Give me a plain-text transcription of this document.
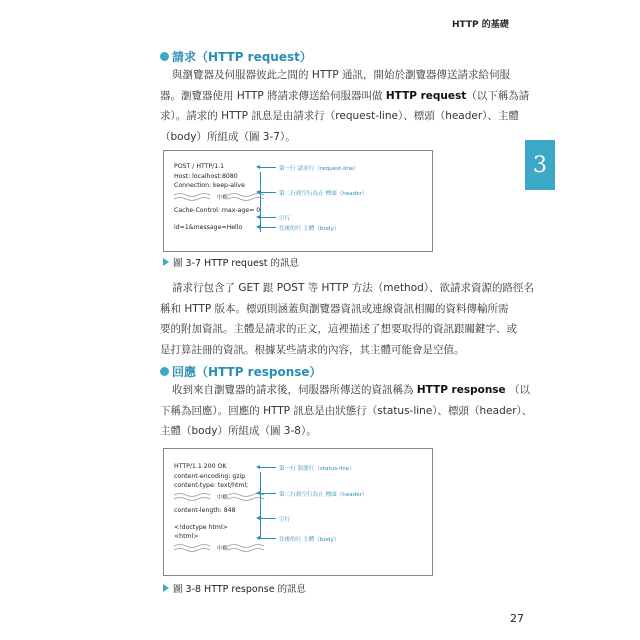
HTTP 的基礎
3
請求（HTTP request）
與瀏覽器及伺服器彼此之間的 HTTP 通訊，開始於瀏覽器傳送請求給伺服
器。瀏覽器使用 HTTP 將請求傳送給伺服器叫做 HTTP request（以下稱為請
求）。請求的 HTTP 訊息是由請求行（request-line）、標頭（header）、主體
（body）所組成（圖 3-7）。
POST / HTTP/1.1
Host: localhost:8080
Connection: keep-alive
中略
Cache-Control: max-age= 0
id=1&message=Hello
第一行 請求行（request-line）
第二行到空行為止 標頭（header）
空行
往後的行 主體（body）
圖 3-7 HTTP request 的訊息
請求行包含了 GET 跟 POST 等 HTTP 方法（method）、欲請求資源的路徑名
稱和 HTTP 版本。標頭則涵蓋與瀏覽器資訊或連線資訊相關的資料傳輸所需
要的附加資訊。主體是請求的正文，這裡描述了想要取得的資訊跟關鍵字、或
是打算註冊的資訊。根據某些請求的內容，其主體可能會是空值。
回應（HTTP response）
收到來自瀏覽器的請求後，伺服器所傳送的資訊稱為 HTTP response （以
下稱為回應）。回應的 HTTP 訊息是由狀態行（status-line）、標頭（header）、
主體（body）所組成（圖 3-8）。
HTTP/1.1 200 OK
content-encoding: gzip
content-type: text/html;
中略
content-length: 848
<!doctype html>
<html>
中略
第一行 狀態行（status-line）
第二行到空行為止 標頭（header）
空行
往後的行 主體（body）
圖 3-8 HTTP response 的訊息
27
